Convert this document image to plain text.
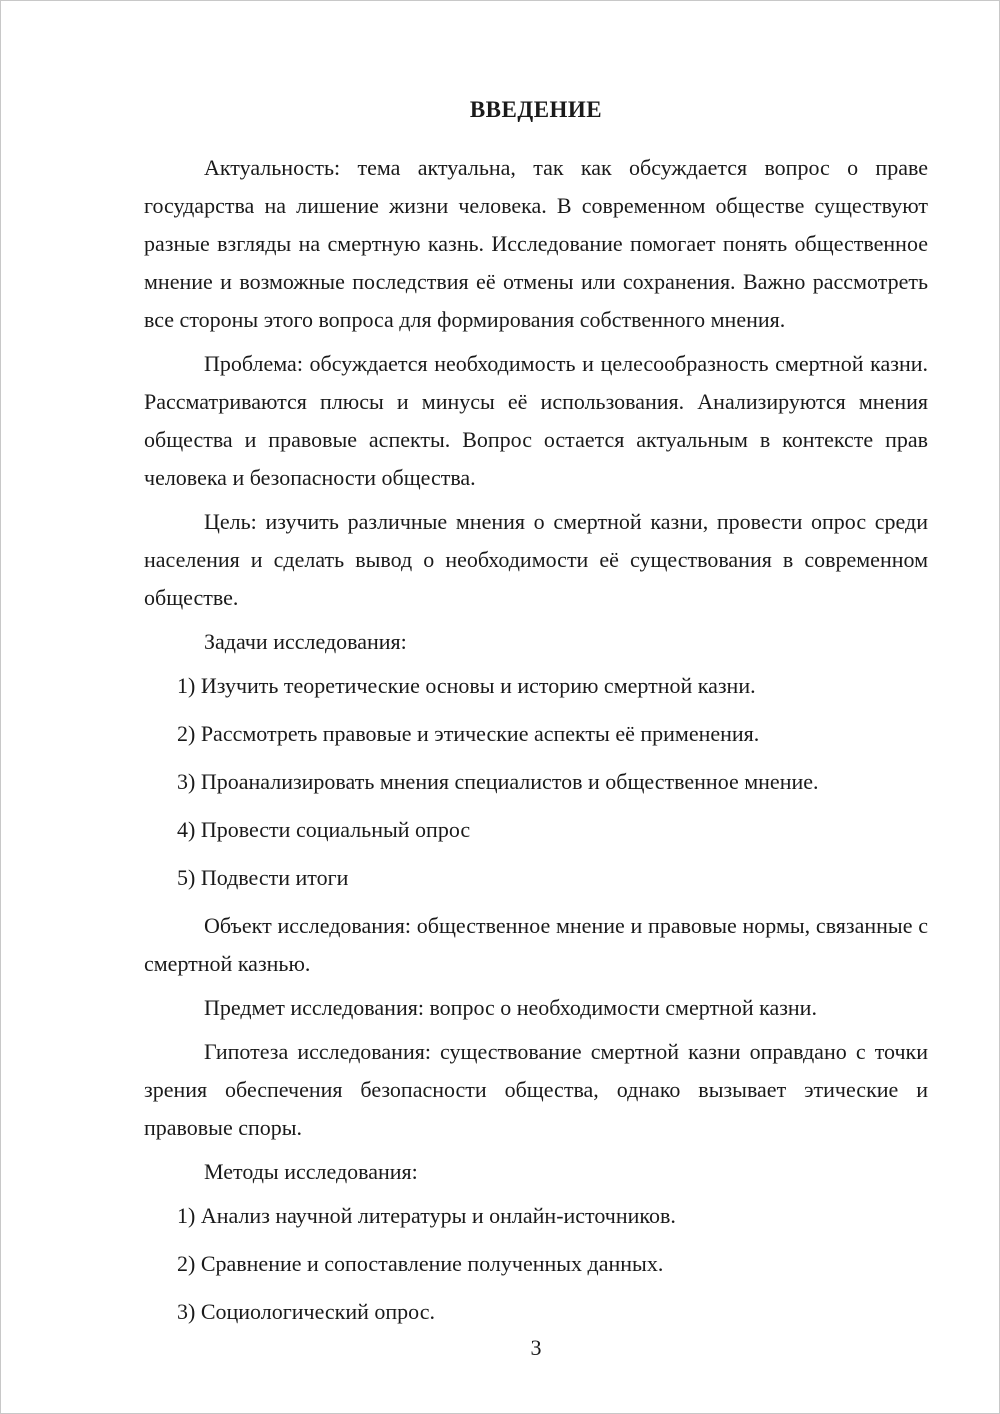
ВВЕДЕНИЕ

Актуальность: тема актуальна, так как обсуждается вопрос о праве государства на лишение жизни человека. В современном обществе существуют разные взгляды на смертную казнь. Исследование помогает понять общественное мнение и возможные последствия её отмены или сохранения. Важно рассмотреть все стороны этого вопроса для формирования собственного мнения.

Проблема: обсуждается необходимость и целесообразность смертной казни. Рассматриваются плюсы и минусы её использования. Анализируются мнения общества и правовые аспекты. Вопрос остается актуальным в контексте прав человека и безопасности общества.

Цель: изучить различные мнения о смертной казни, провести опрос среди населения и сделать вывод о необходимости её существования в современном обществе.

Задачи исследования:

1) Изучить теоретические основы и историю смертной казни.

2) Рассмотреть правовые и этические аспекты её применения.

3) Проанализировать мнения специалистов и общественное мнение.

4) Провести социальный опрос

5) Подвести итоги

Объект исследования: общественное мнение и правовые нормы, связанные с смертной казнью.

Предмет исследования: вопрос о необходимости смертной казни.

Гипотеза исследования: существование смертной казни оправдано с точки зрения обеспечения безопасности общества, однако вызывает этические и правовые споры.

Методы исследования:

1) Анализ научной литературы и онлайн-источников.

2) Сравнение и сопоставление полученных данных.

3) Социологический опрос.

3
